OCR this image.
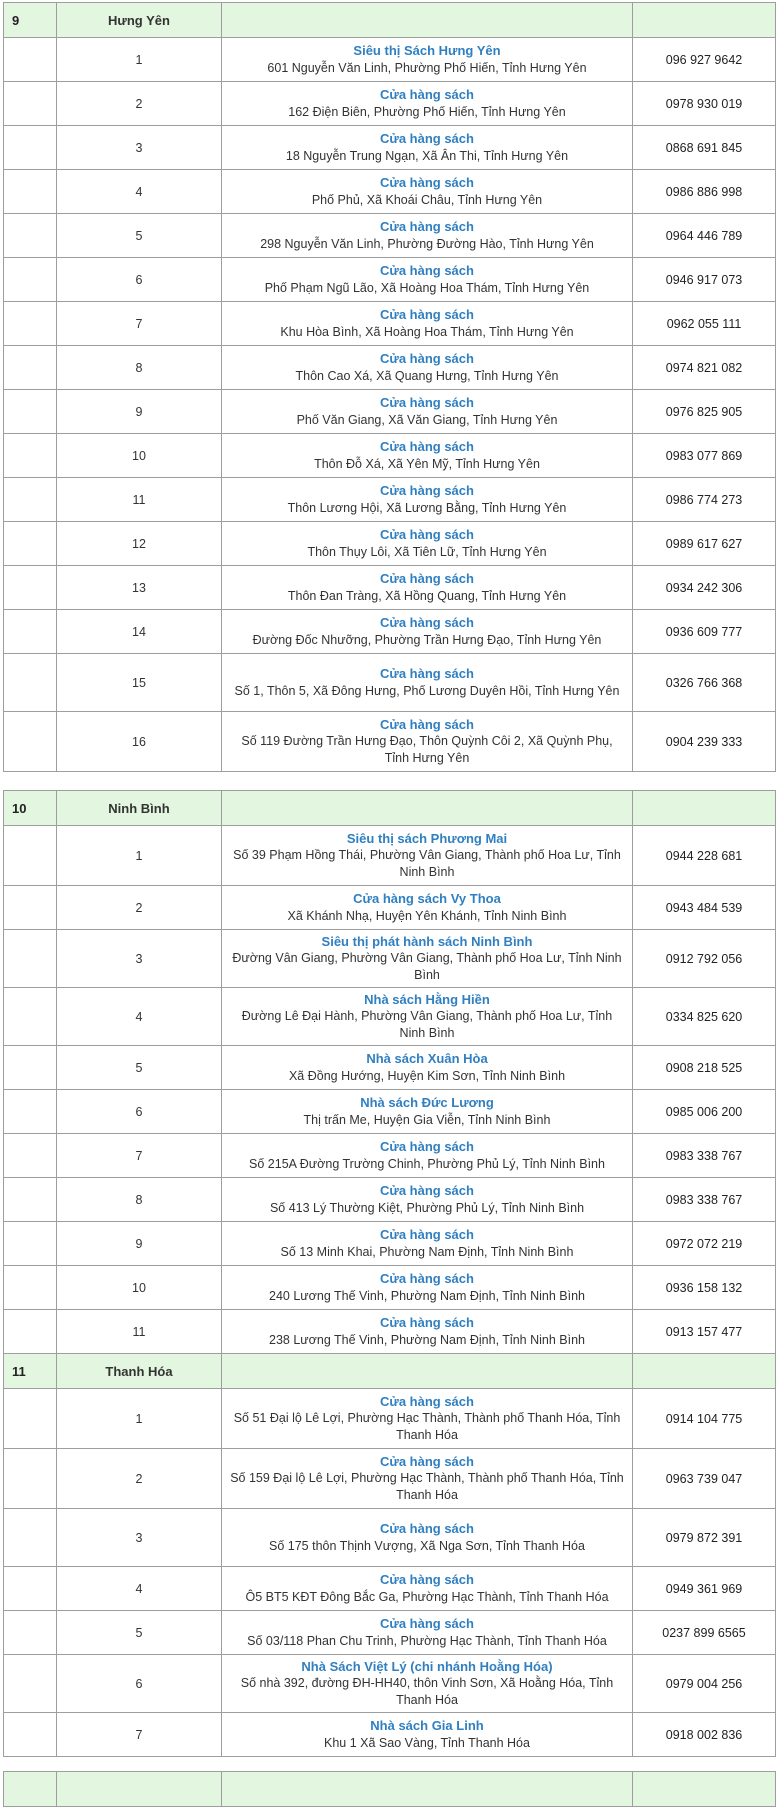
9	Hưng Yên		
	1	Siêu thị Sách Hưng Yên
601 Nguyễn Văn Linh, Phường Phố Hiến, Tỉnh Hưng Yên	096 927 9642
	2	Cửa hàng sách
162 Điện Biên, Phường Phố Hiến, Tỉnh Hưng Yên	0978 930 019
	3	Cửa hàng sách
18 Nguyễn Trung Ngạn, Xã Ân Thi, Tỉnh Hưng Yên	0868 691 845
	4	Cửa hàng sách
Phố Phủ, Xã Khoái Châu, Tỉnh Hưng Yên	0986 886 998
	5	Cửa hàng sách
298 Nguyễn Văn Linh, Phường Đường Hào, Tỉnh Hưng Yên	0964 446 789
	6	Cửa hàng sách
Phố Phạm Ngũ Lão, Xã Hoàng Hoa Thám, Tỉnh Hưng Yên	0946 917 073
	7	Cửa hàng sách
Khu Hòa Bình, Xã Hoàng Hoa Thám, Tỉnh Hưng Yên	0962 055 111
	8	Cửa hàng sách
Thôn Cao Xá, Xã Quang Hưng, Tỉnh Hưng Yên	0974 821 082
	9	Cửa hàng sách
Phố Văn Giang, Xã Văn Giang, Tỉnh Hưng Yên	0976 825 905
	10	Cửa hàng sách
Thôn Đỗ Xá, Xã Yên Mỹ, Tỉnh Hưng Yên	0983 077 869
	11	Cửa hàng sách
Thôn Lương Hội, Xã Lương Bằng, Tỉnh Hưng Yên	0986 774 273
	12	Cửa hàng sách
Thôn Thụy Lôi, Xã Tiên Lữ, Tỉnh Hưng Yên	0989 617 627
	13	Cửa hàng sách
Thôn Đan Tràng, Xã Hồng Quang, Tỉnh Hưng Yên	0934 242 306
	14	Cửa hàng sách
Đường Đốc Nhưỡng, Phường Trần Hưng Đạo, Tỉnh Hưng Yên	0936 609 777
	15	Cửa hàng sách
Số 1, Thôn 5, Xã Đông Hưng, Phố Lương Duyên Hồi, Tỉnh Hưng Yên	0326 766 368
	16	Cửa hàng sách
Số 119 Đường Trần Hưng Đạo, Thôn Quỳnh Côi 2, Xã Quỳnh Phụ, Tỉnh Hưng Yên	0904 239 333
10	Ninh Bình		
	1	Siêu thị sách Phương Mai
Số 39 Phạm Hồng Thái, Phường Vân Giang, Thành phố Hoa Lư, Tỉnh Ninh Bình	0944 228 681
	2	Cửa hàng sách Vy Thoa
Xã Khánh Nhạ, Huyện Yên Khánh, Tỉnh Ninh Bình	0943 484 539
	3	Siêu thị phát hành sách Ninh Bình
Đường Vân Giang, Phường Vân Giang, Thành phố Hoa Lư, Tỉnh Ninh Bình	0912 792 056
	4	Nhà sách Hằng Hiền
Đường Lê Đại Hành, Phường Vân Giang, Thành phố Hoa Lư, Tỉnh Ninh Bình	0334 825 620
	5	Nhà sách Xuân Hòa
Xã Đồng Hướng, Huyện Kim Sơn, Tỉnh Ninh Bình	0908 218 525
	6	Nhà sách Đức Lương
Thị trấn Me, Huyện Gia Viễn, Tỉnh Ninh Bình	0985 006 200
	7	Cửa hàng sách
Số 215A Đường Trường Chinh, Phường Phủ Lý, Tỉnh Ninh Bình	0983 338 767
	8	Cửa hàng sách
Số 413 Lý Thường Kiệt, Phường Phủ Lý, Tỉnh Ninh Bình	0983 338 767
	9	Cửa hàng sách
Số 13 Minh Khai, Phường Nam Định, Tỉnh Ninh Bình	0972 072 219
	10	Cửa hàng sách
240 Lương Thế Vinh, Phường Nam Định, Tỉnh Ninh Bình	0936 158 132
	11	Cửa hàng sách
238 Lương Thế Vinh, Phường Nam Định, Tỉnh Ninh Bình	0913 157 477
11	Thanh Hóa		
	1	Cửa hàng sách
Số 51 Đại lộ Lê Lợi, Phường Hạc Thành, Thành phố Thanh Hóa, Tỉnh Thanh Hóa	0914 104 775
	2	Cửa hàng sách
Số 159 Đại lộ Lê Lợi, Phường Hạc Thành, Thành phố Thanh Hóa, Tỉnh Thanh Hóa	0963 739 047
	3	Cửa hàng sách
Số 175 thôn Thịnh Vượng, Xã Nga Sơn, Tỉnh Thanh Hóa	0979 872 391
	4	Cửa hàng sách
Ô5 BT5 KĐT Đông Bắc Ga, Phường Hạc Thành, Tỉnh Thanh Hóa	0949 361 969
	5	Cửa hàng sách
Số 03/118 Phan Chu Trinh, Phường Hạc Thành, Tỉnh Thanh Hóa	0237 899 6565
	6	Nhà Sách Việt Lý (chi nhánh Hoằng Hóa)
Số nhà 392, đường ĐH-HH40, thôn Vinh Sơn, Xã Hoằng Hóa, Tỉnh Thanh Hóa	0979 004 256
	7	Nhà sách Gia Linh
Khu 1 Xã Sao Vàng, Tỉnh Thanh Hóa	0918 002 836
